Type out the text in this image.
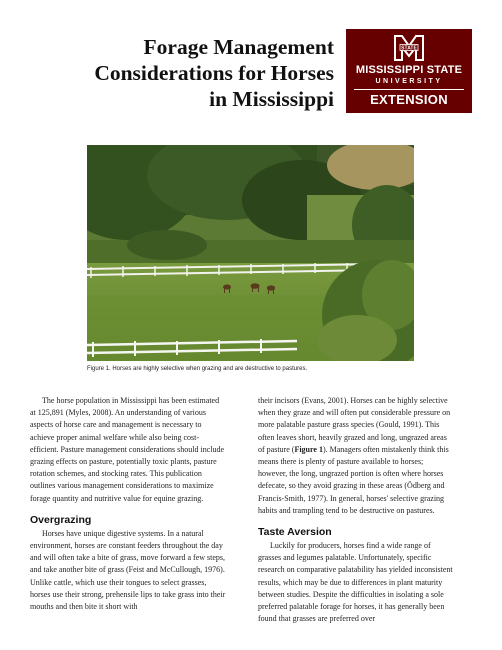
Forage Management
Considerations for Horses
in Mississippi
STATE
MISSISSIPPI STATE
UNIVERSITY
EXTENSION
Figure 1. Horses are highly selective when grazing and are destructive to pastures.

The horse population in Mississippi has been estimated at 125,891 (Myles, 2008). An understanding of various aspects of horse care and management is necessary to achieve proper animal welfare while also being cost-efficient. Pasture management considerations should include grazing effects on pasture, potentially toxic plants, pasture rotation schemes, and stocking rates. This publication outlines various management considerations to maximize forage quantity and nutritive value for equine grazing.

Overgrazing

Horses have unique digestive systems. In a natural environment, horses are constant feeders throughout the day and will often take a bite of grass, move forward a few steps, and take another bite of grass (Feist and McCullough, 1976). Unlike cattle, which use their tongues to select grasses, horses use their strong, prehensile lips to take grass into their mouths and then bite it short with

their incisors (Evans, 2001). Horses can be highly selective when they graze and will often put considerable pressure on more palatable pasture grass species (Gould, 1991). This often leaves short, heavily grazed and long, ungrazed areas of pasture (Figure 1). Managers often mistakenly think this means there is plenty of pasture available to horses; however, the long, ungrazed portion is often where horses defecate, so they avoid grazing in these areas (Ödberg and Francis-Smith, 1977). In general, horses' selective grazing habits and trampling tend to be destructive on pastures.

Taste Aversion

Luckily for producers, horses find a wide range of grasses and legumes palatable. Unfortunately, specific research on comparative palatability has yielded inconsistent results, which may be due to differences in plant maturity between studies. Despite the difficulties in isolating a sole preferred palatable forage for horses, it has generally been found that grasses are preferred over
